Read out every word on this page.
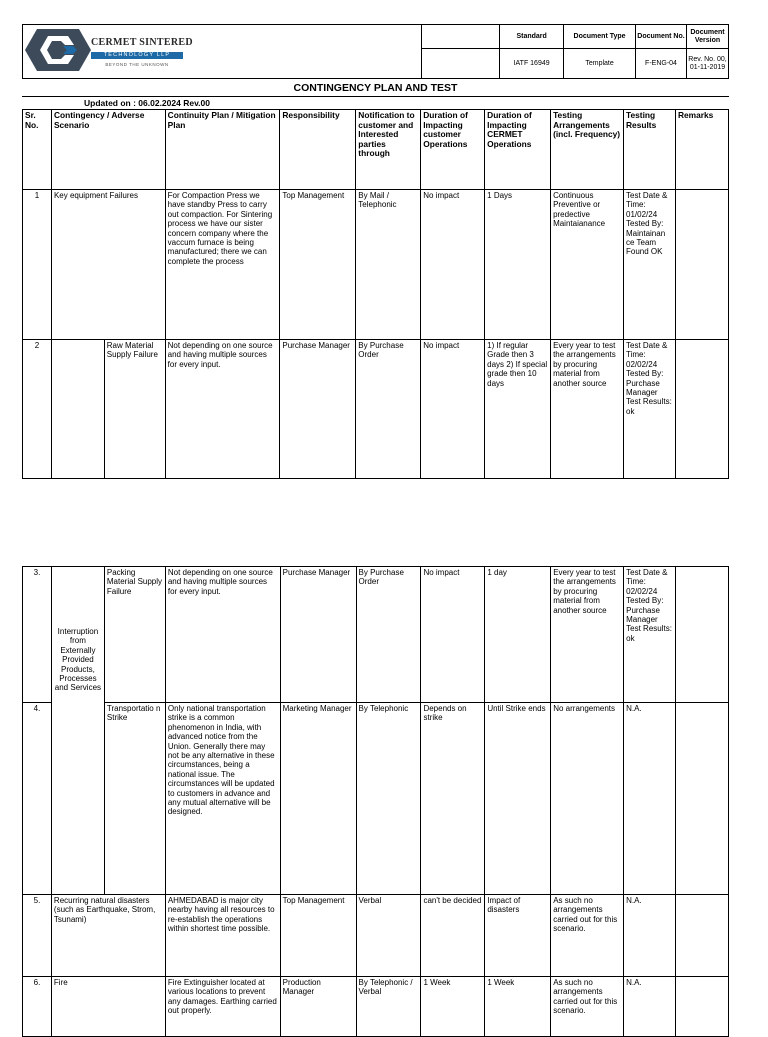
CERMET SINTERED
TECHNOLOGY LLP
BEYOND THE UNKNOWN		Standard	Document Type	Document No.	Document Version
		IATF 16949	Template	F-ENG-04	Rev. No. 00, 01-11-2019
CONTINGENCY PLAN AND TEST
Updated on : 06.02.2024 Rev.00
Sr. No.	Contingency / Adverse Scenario		Continuity Plan / Mitigation Plan	Responsibility	Notification to customer and Interested parties through	Duration of Impacting customer Operations	Duration of Impacting CERMET Operations	Testing Arrangements (incl. Frequency)	Testing Results	Remarks
1	Key equipment Failures		For Compaction Press we have standby Press to carry out compaction. For Sintering process we have our sister concern company where the vaccum furnace is being manufactured; there we can complete the process	Top Management	By Mail / Telephonic	No impact	1 Days	Continuous Preventive or predective Maintaianance	Test Date & Time: 01/02/24 Tested By: Maintainan ce Team Found OK	
2		Raw Material Supply Failure	Not depending on one source and having multiple sources for every input.	Purchase Manager	By Purchase Order	No impact	1) If regular Grade then 3 days 2) If special grade then 10 days	Every year to test the arrangements by procuring material from another source	Test Date & Time: 02/02/24 Tested By: Purchase Manager Test Results: ok	
3.	Interruption from Externally Provided Products, Processes and Services	Packing Material Supply Failure	Not depending on one source and having multiple sources for every input.	Purchase Manager	By Purchase Order	No impact	1 day	Every year to test the arrangements by procuring material from another source	Test Date & Time: 02/02/24 Tested By: Purchase Manager Test Results: ok	
4.		Transportatio n Strike	Only national transportation strike is a common phenomenon in India, with advanced notice from the Union. Generally there may not be any alternative in these circumstances, being a national issue. The circumstances will be updated to customers in advance and any mutual alternative will be designed.	Marketing Manager	By Telephonic	Depends on strike	Until Strike ends	No arrangements	N.A.	
5.	Recurring natural disasters (such as Earthquake, Strom, Tsunami)		AHMEDABAD is major city nearby having all resources to re-establish the operations within shortest time possible.	Top Management	Verbal	can't be decided	Impact of disasters	As such no arrangements carried out for this scenario.	N.A.	
6.	Fire		Fire Extinguisher located at various locations to prevent any damages. Earthing carried out properly.	Production Manager	By Telephonic / Verbal	1 Week	1 Week	As such no arrangements carried out for this scenario.	N.A.	
